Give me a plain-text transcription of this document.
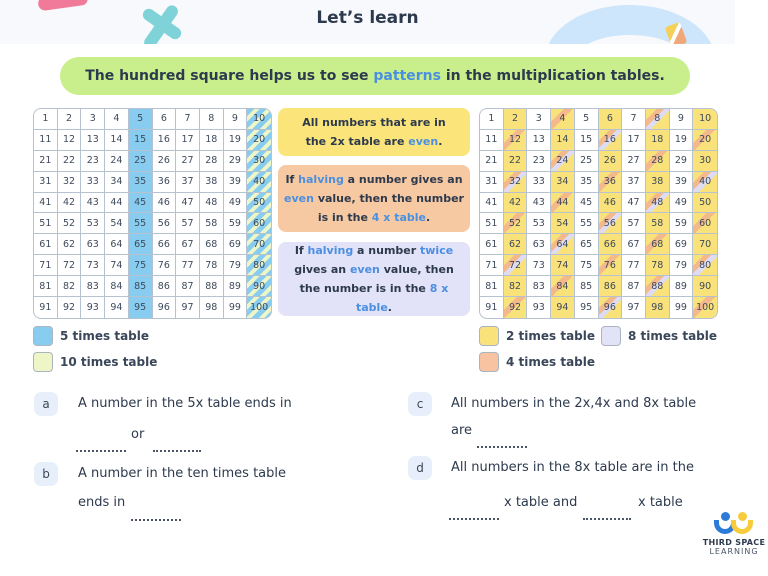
Let’s learn
The hundred square helps us to see patterns in the multiplication tables.
1	2	3	4	5	6	7	8	9	10
11	12	13	14	15	16	17	18	19	20
21	22	23	24	25	26	27	28	29	30
31	32	33	34	35	36	37	38	39	40
41	42	43	44	45	46	47	48	49	50
51	52	53	54	55	56	57	58	59	60
61	62	63	64	65	66	67	68	69	70
71	72	73	74	75	76	77	78	79	80
81	82	83	84	85	86	87	88	89	90
91	92	93	94	95	96	97	98	99 100
1	2	3	4	5	6	7	8	9	10
11	12	13	14	15	16	17	18	19	20
21	22	23	24	25	26	27	28	29	30
31	32	33	34	35	36	37	38	39	40
41	42	43	44	45	46	47	48	49	50
51	52	53	54	55	56	57	58	59	60
61	62	63	64	65	66	67	68	69	70
71	72	73	74	75	76	77	78	79	80
81	82	83	84	85	86	87	88	89	90
91	92	93	94	95	96	97	98	99 100
All numbers that are in
the 2x table are even.
If halving a number gives an even value, then the number is in the 4 x table.
If halving a number twice gives an even value, then the number is in the 8 x table.
5 times table
10 times table
2 times table	8 times table
4 times table
a	A number in the 5x table ends in
or
b	A number in the ten times table
ends in
c	All numbers in the 2x,4x and 8x table
are
d	All numbers in the 8x table are in the
x table and	x table
THIRD SPACE
LEARNING
